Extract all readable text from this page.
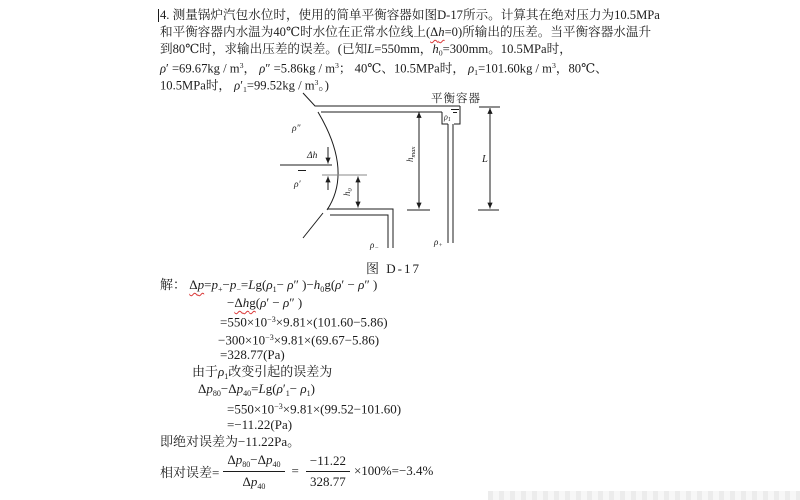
4. 测量锅炉汽包水位时，使用的简单平衡容器如图D-17所示。计算其在绝对压力为10.5MPa
和平衡容器内水温为40℃时水位在正常水位线上(Δh=0)所输出的压差。当平衡容器水温升
到80℃时，求输出压差的误差。(已知L=550mm，$h_0=300mm$。10.5MPa时，
$\rho' =69.67kg / m^3$， $\rho'' =5.86kg / m^3$； 40℃、10.5MPa时， $\rho_1=101.60kg / m^3$，80℃、
10.5MPa时， $\rho'_1=99.52kg / m^3$。)
平衡容器
ρ″
ρ′
Δh
$h_0$
$h_{max}$
L
ρ1
$\rho_-$
$\rho_+$
图 D-17
解： $\Delta p=p_+-p_-=Lg(\rho_1- \rho''$ )$-h_0g(\rho' - \rho''$ )
−Δhg(ρ′ − ρ″ )
$=550\times 10^{-3}\times 9.81\times(101.60-5.86)$
$-300\times 10^{-3}\times 9.81\times(69.67-5.86)$
=328.77(Pa)
由于$\rho_1$改变引起的误差为
$\Delta p_{80}-\Delta p_{40}=Lg(\rho'_1- \rho_1)$
$=550\times 10^{-3}\times 9.81\times(99.52-101.60)$
=−11.22(Pa)
即绝对误差为−11.22Pa。
相对误差= $\frac{\Delta p_{80}-\Delta p_{40}}{\Delta p_{40}} = \frac{-11.22}{328.77} \times 100\%=-3.4\%$
